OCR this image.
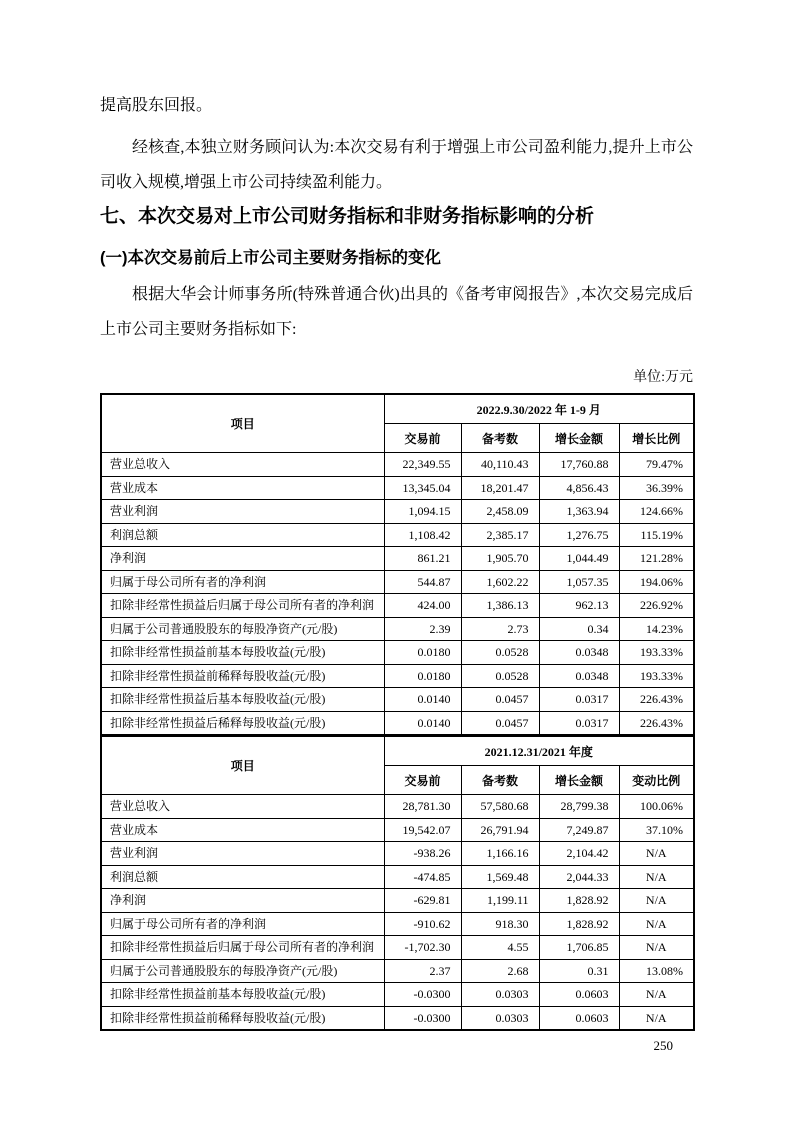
提高股东回报。

经核查,本独立财务顾问认为:本次交易有利于增强上市公司盈利能力,提升上市公司收入规模,增强上市公司持续盈利能力。

七、本次交易对上市公司财务指标和非财务指标影响的分析
(一)本次交易前后上市公司主要财务指标的变化

根据大华会计师事务所(特殊普通合伙)出具的《备考审阅报告》,本次交易完成后上市公司主要财务指标如下:

单位:万元
项目	2022.9.30/2022 年 1-9 月			
	交易前	备考数	增长金额	增长比例
营业总收入	22,349.55	40,110.43	17,760.88	79.47%
营业成本	13,345.04	18,201.47	4,856.43	36.39%
营业利润	1,094.15	2,458.09	1,363.94	124.66%
利润总额	1,108.42	2,385.17	1,276.75	115.19%
净利润	861.21	1,905.70	1,044.49	121.28%
归属于母公司所有者的净利润	544.87	1,602.22	1,057.35	194.06%
扣除非经常性损益后归属于母公司所有者的净利润	424.00	1,386.13	962.13	226.92%
归属于公司普通股股东的每股净资产(元/股)	2.39	2.73	0.34	14.23%
扣除非经常性损益前基本每股收益(元/股)	0.0180	0.0528	0.0348	193.33%
扣除非经常性损益前稀释每股收益(元/股)	0.0180	0.0528	0.0348	193.33%
扣除非经常性损益后基本每股收益(元/股)	0.0140	0.0457	0.0317	226.43%
扣除非经常性损益后稀释每股收益(元/股)	0.0140	0.0457	0.0317	226.43%
项目	2021.12.31/2021 年度			
	交易前	备考数	增长金额	变动比例
营业总收入	28,781.30	57,580.68	28,799.38	100.06%
营业成本	19,542.07	26,791.94	7,249.87	37.10%
营业利润	-938.26	1,166.16	2,104.42	N/A
利润总额	-474.85	1,569.48	2,044.33	N/A
净利润	-629.81	1,199.11	1,828.92	N/A
归属于母公司所有者的净利润	-910.62	918.30	1,828.92	N/A
扣除非经常性损益后归属于母公司所有者的净利润	-1,702.30	4.55	1,706.85	N/A
归属于公司普通股股东的每股净资产(元/股)	2.37	2.68	0.31	13.08%
扣除非经常性损益前基本每股收益(元/股)	-0.0300	0.0303	0.0603	N/A
扣除非经常性损益前稀释每股收益(元/股)	-0.0300	0.0303	0.0603	N/A
250
